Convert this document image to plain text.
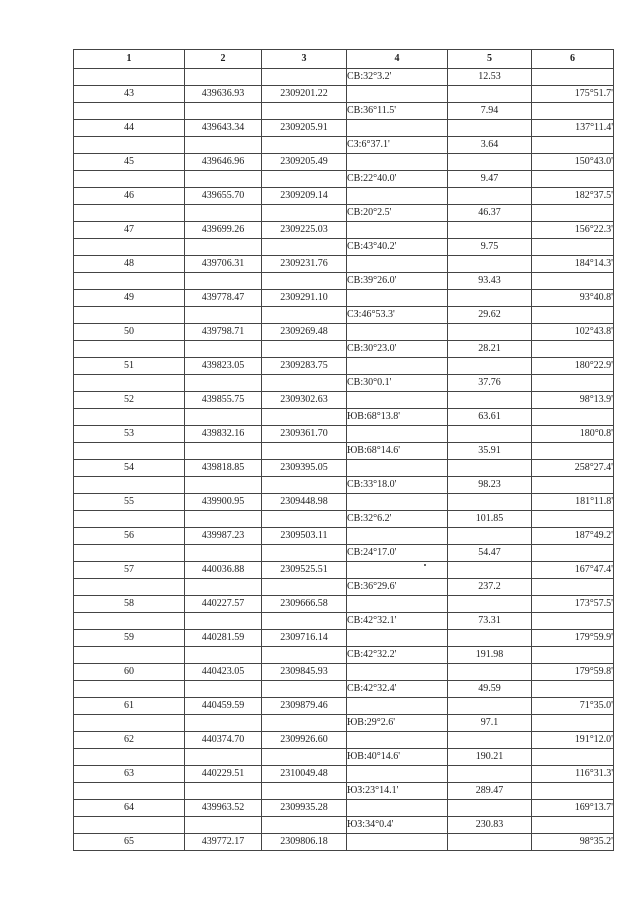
1	2	3	4	5	6
			СВ:32°3.2'	12.53	
43	439636.93	2309201.22			175°51.7'
			СВ:36°11.5'	7.94	
44	439643.34	2309205.91			137°11.4'
			СЗ:6°37.1'	3.64	
45	439646.96	2309205.49			150°43.0'
			СВ:22°40.0'	9.47	
46	439655.70	2309209.14			182°37.5'
			СВ:20°2.5'	46.37	
47	439699.26	2309225.03			156°22.3'
			СВ:43°40.2'	9.75	
48	439706.31	2309231.76			184°14.3'
			СВ:39°26.0'	93.43	
49	439778.47	2309291.10			93°40.8'
			СЗ:46°53.3'	29.62	
50	439798.71	2309269.48			102°43.8'
			СВ:30°23.0'	28.21	
51	439823.05	2309283.75			180°22.9'
			СВ:30°0.1'	37.76	
52	439855.75	2309302.63			98°13.9'
			ЮВ:68°13.8'	63.61	
53	439832.16	2309361.70			180°0.8'
			ЮВ:68°14.6'	35.91	
54	439818.85	2309395.05			258°27.4'
			СВ:33°18.0'	98.23	
55	439900.95	2309448.98			181°11.8'
			СВ:32°6.2'	101.85	
56	439987.23	2309503.11			187°49.2'
			СВ:24°17.0'	54.47	
57	440036.88	2309525.51			167°47.4'
			СВ:36°29.6'	237.2	
58	440227.57	2309666.58			173°57.5'
			СВ:42°32.1'	73.31	
59	440281.59	2309716.14			179°59.9'
			СВ:42°32.2'	191.98	
60	440423.05	2309845.93			179°59.8'
			СВ:42°32.4'	49.59	
61	440459.59	2309879.46			71°35.0'
			ЮВ:29°2.6'	97.1	
62	440374.70	2309926.60			191°12.0'
			ЮВ:40°14.6'	190.21	
63	440229.51	2310049.48			116°31.3'
			ЮЗ:23°14.1'	289.47	
64	439963.52	2309935.28			169°13.7'
			ЮЗ:34°0.4'	230.83	
65	439772.17	2309806.18			98°35.2'
